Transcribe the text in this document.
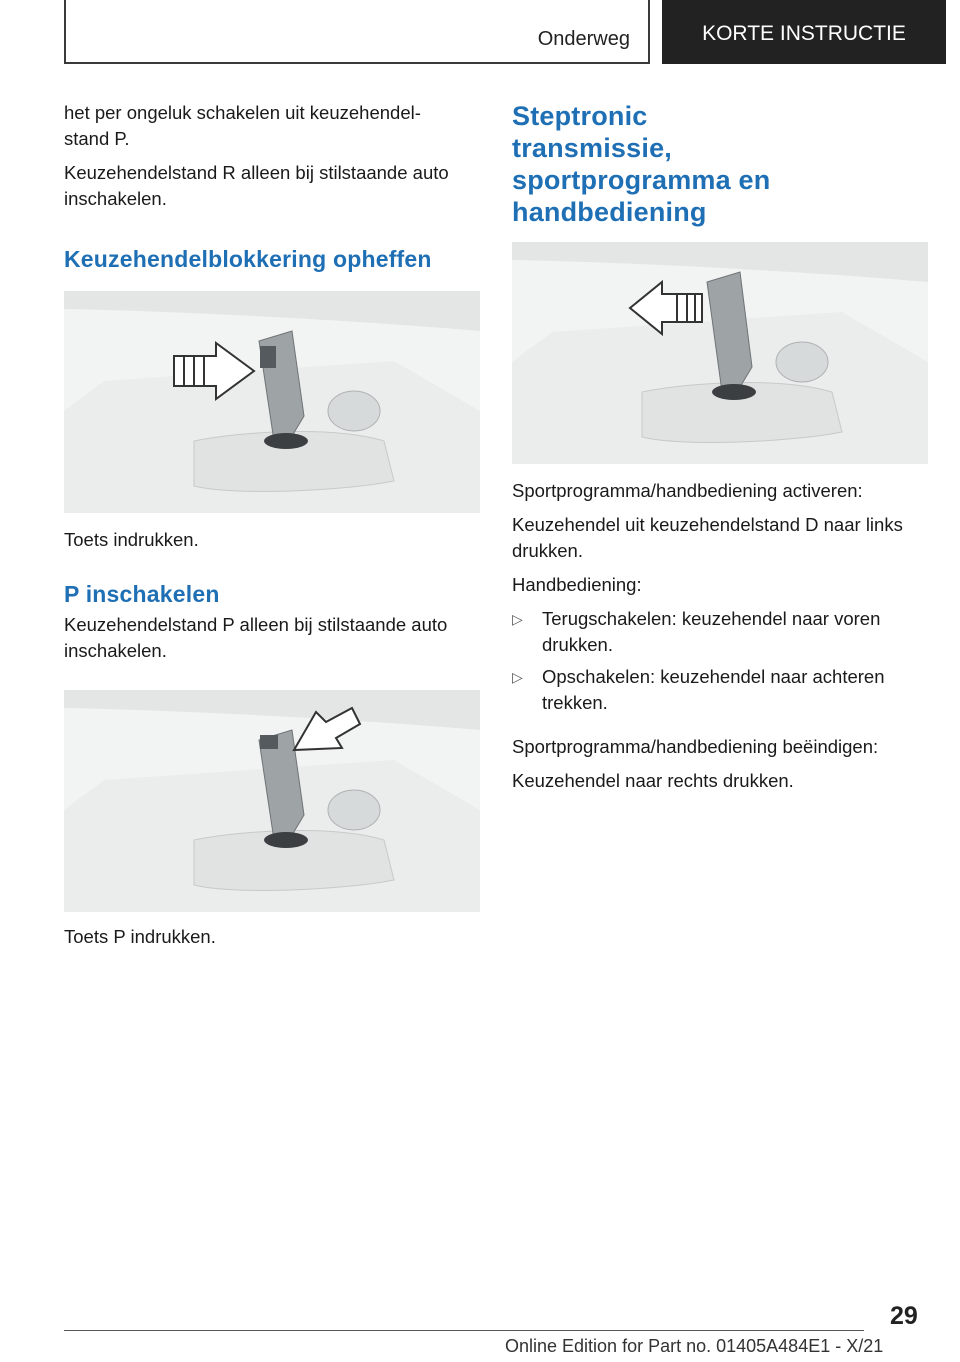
Onderweg	KORTE INSTRUCTIE

het per ongeluk schakelen uit keuzehendel-
stand P.

Keuzehendelstand R alleen bij stilstaande auto inschakelen.

Keuzehendelblokkering opheffen

Toets indrukken.

P inschakelen

Keuzehendelstand P alleen bij stilstaande auto inschakelen.

Toets P indrukken.

Steptronic transmissie, sportprogramma en handbediening

Sportprogramma/handbediening activeren:

Keuzehendel uit keuzehendelstand D naar links drukken.

Handbediening:

▷ Terugschakelen: keuzehendel naar voren drukken.
▷ Opschakelen: keuzehendel naar achteren trekken.

Sportprogramma/handbediening beëindigen:

Keuzehendel naar rechts drukken.

29
Online Edition for Part no. 01405A484E1 - X/21
